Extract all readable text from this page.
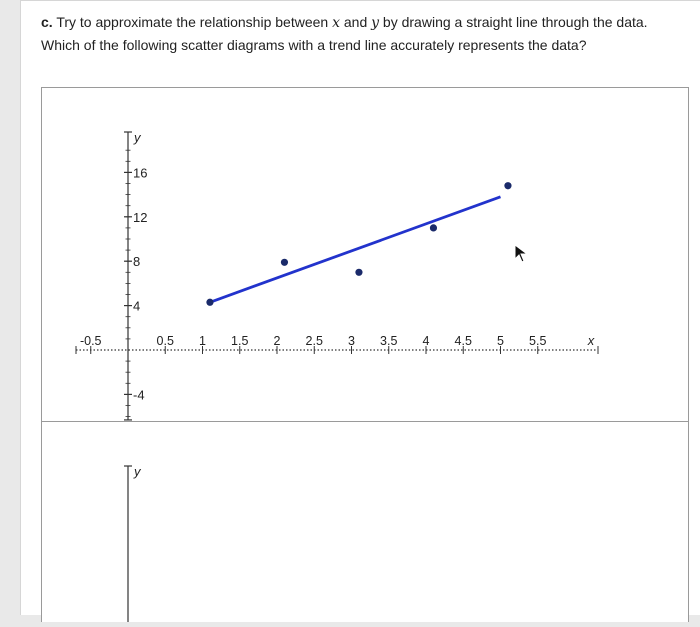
c. Try to approximate the relationship between x and y by drawing a straight line through the data.
Which of the following scatter diagrams with a trend line accurately represents the data?
y
16
12
8
4
-4
-0.5	0.5 1 1.5 2 2.5 3 3.5 4 4.5 5 5.5	x
y
